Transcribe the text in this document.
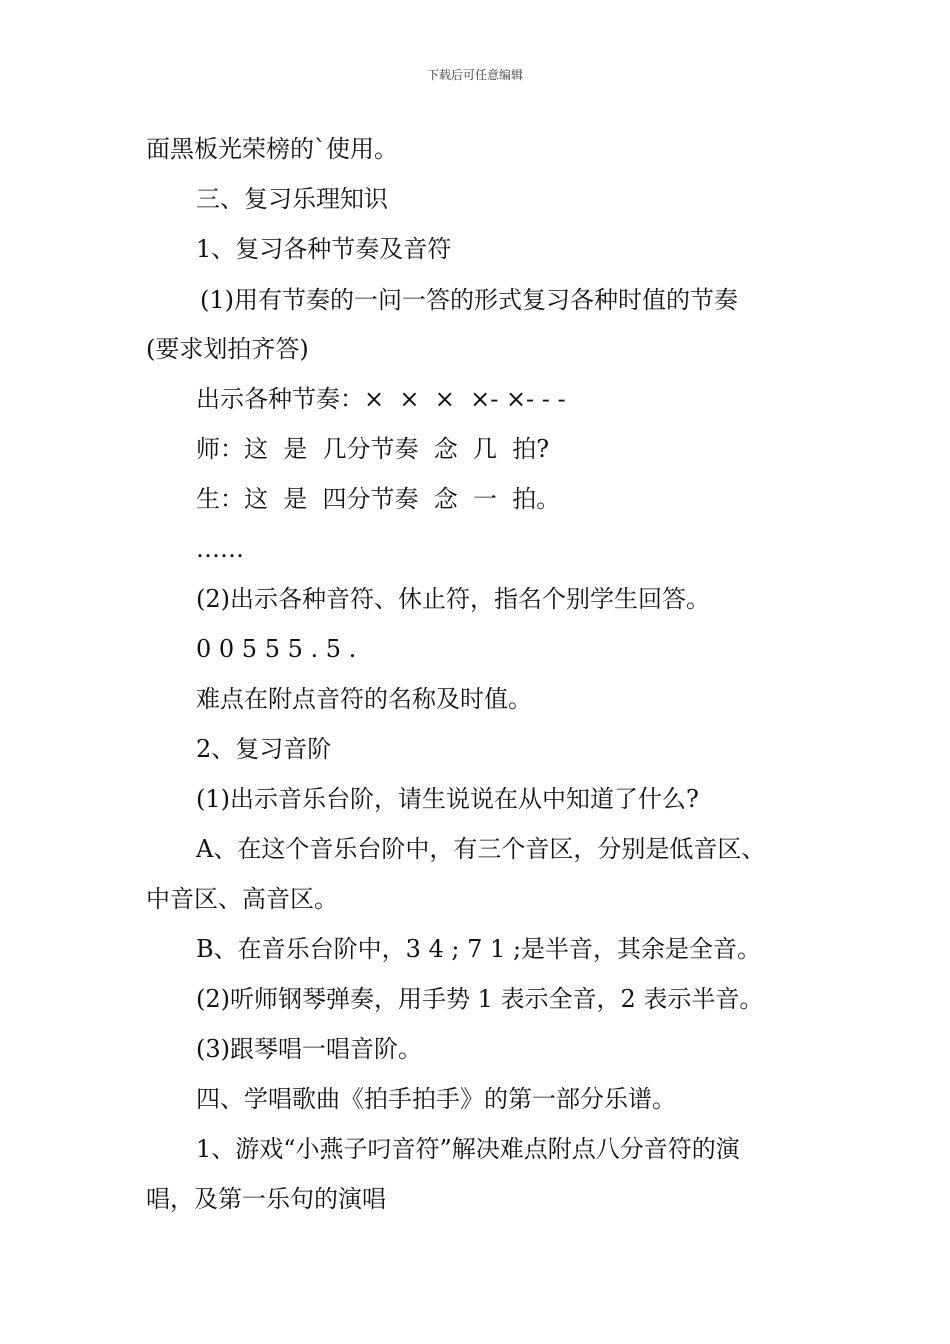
下载后可任意编辑
面黑板光荣榜的`使用。
三、复习乐理知识
1、复习各种节奏及音符
(1)用有节奏的一问一答的形式复习各种时值的节奏
(要求划拍齐答)
出示各种节奏：×  ×  ×  ×- ×- - -
师：这  是  几分节奏  念  几  拍?
生：这  是  四分节奏  念  一  拍。
……
(2)出示各种音符、休止符，指名个别学生回答。
0 0 5 5 5 . 5 .
难点在附点音符的名称及时值。
2、复习音阶
(1)出示音乐台阶，请生说说在从中知道了什么?
A、在这个音乐台阶中，有三个音区，分别是低音区、
中音区、高音区。
B、在音乐台阶中，3 4 ; 7 1 ;是半音，其余是全音。
(2)听师钢琴弹奏，用手势 1 表示全音，2 表示半音。
(3)跟琴唱一唱音阶。
四、学唱歌曲《拍手拍手》的第一部分乐谱。
1、游戏“小燕子叼音符”解决难点附点八分音符的演
唱，及第一乐句的演唱
